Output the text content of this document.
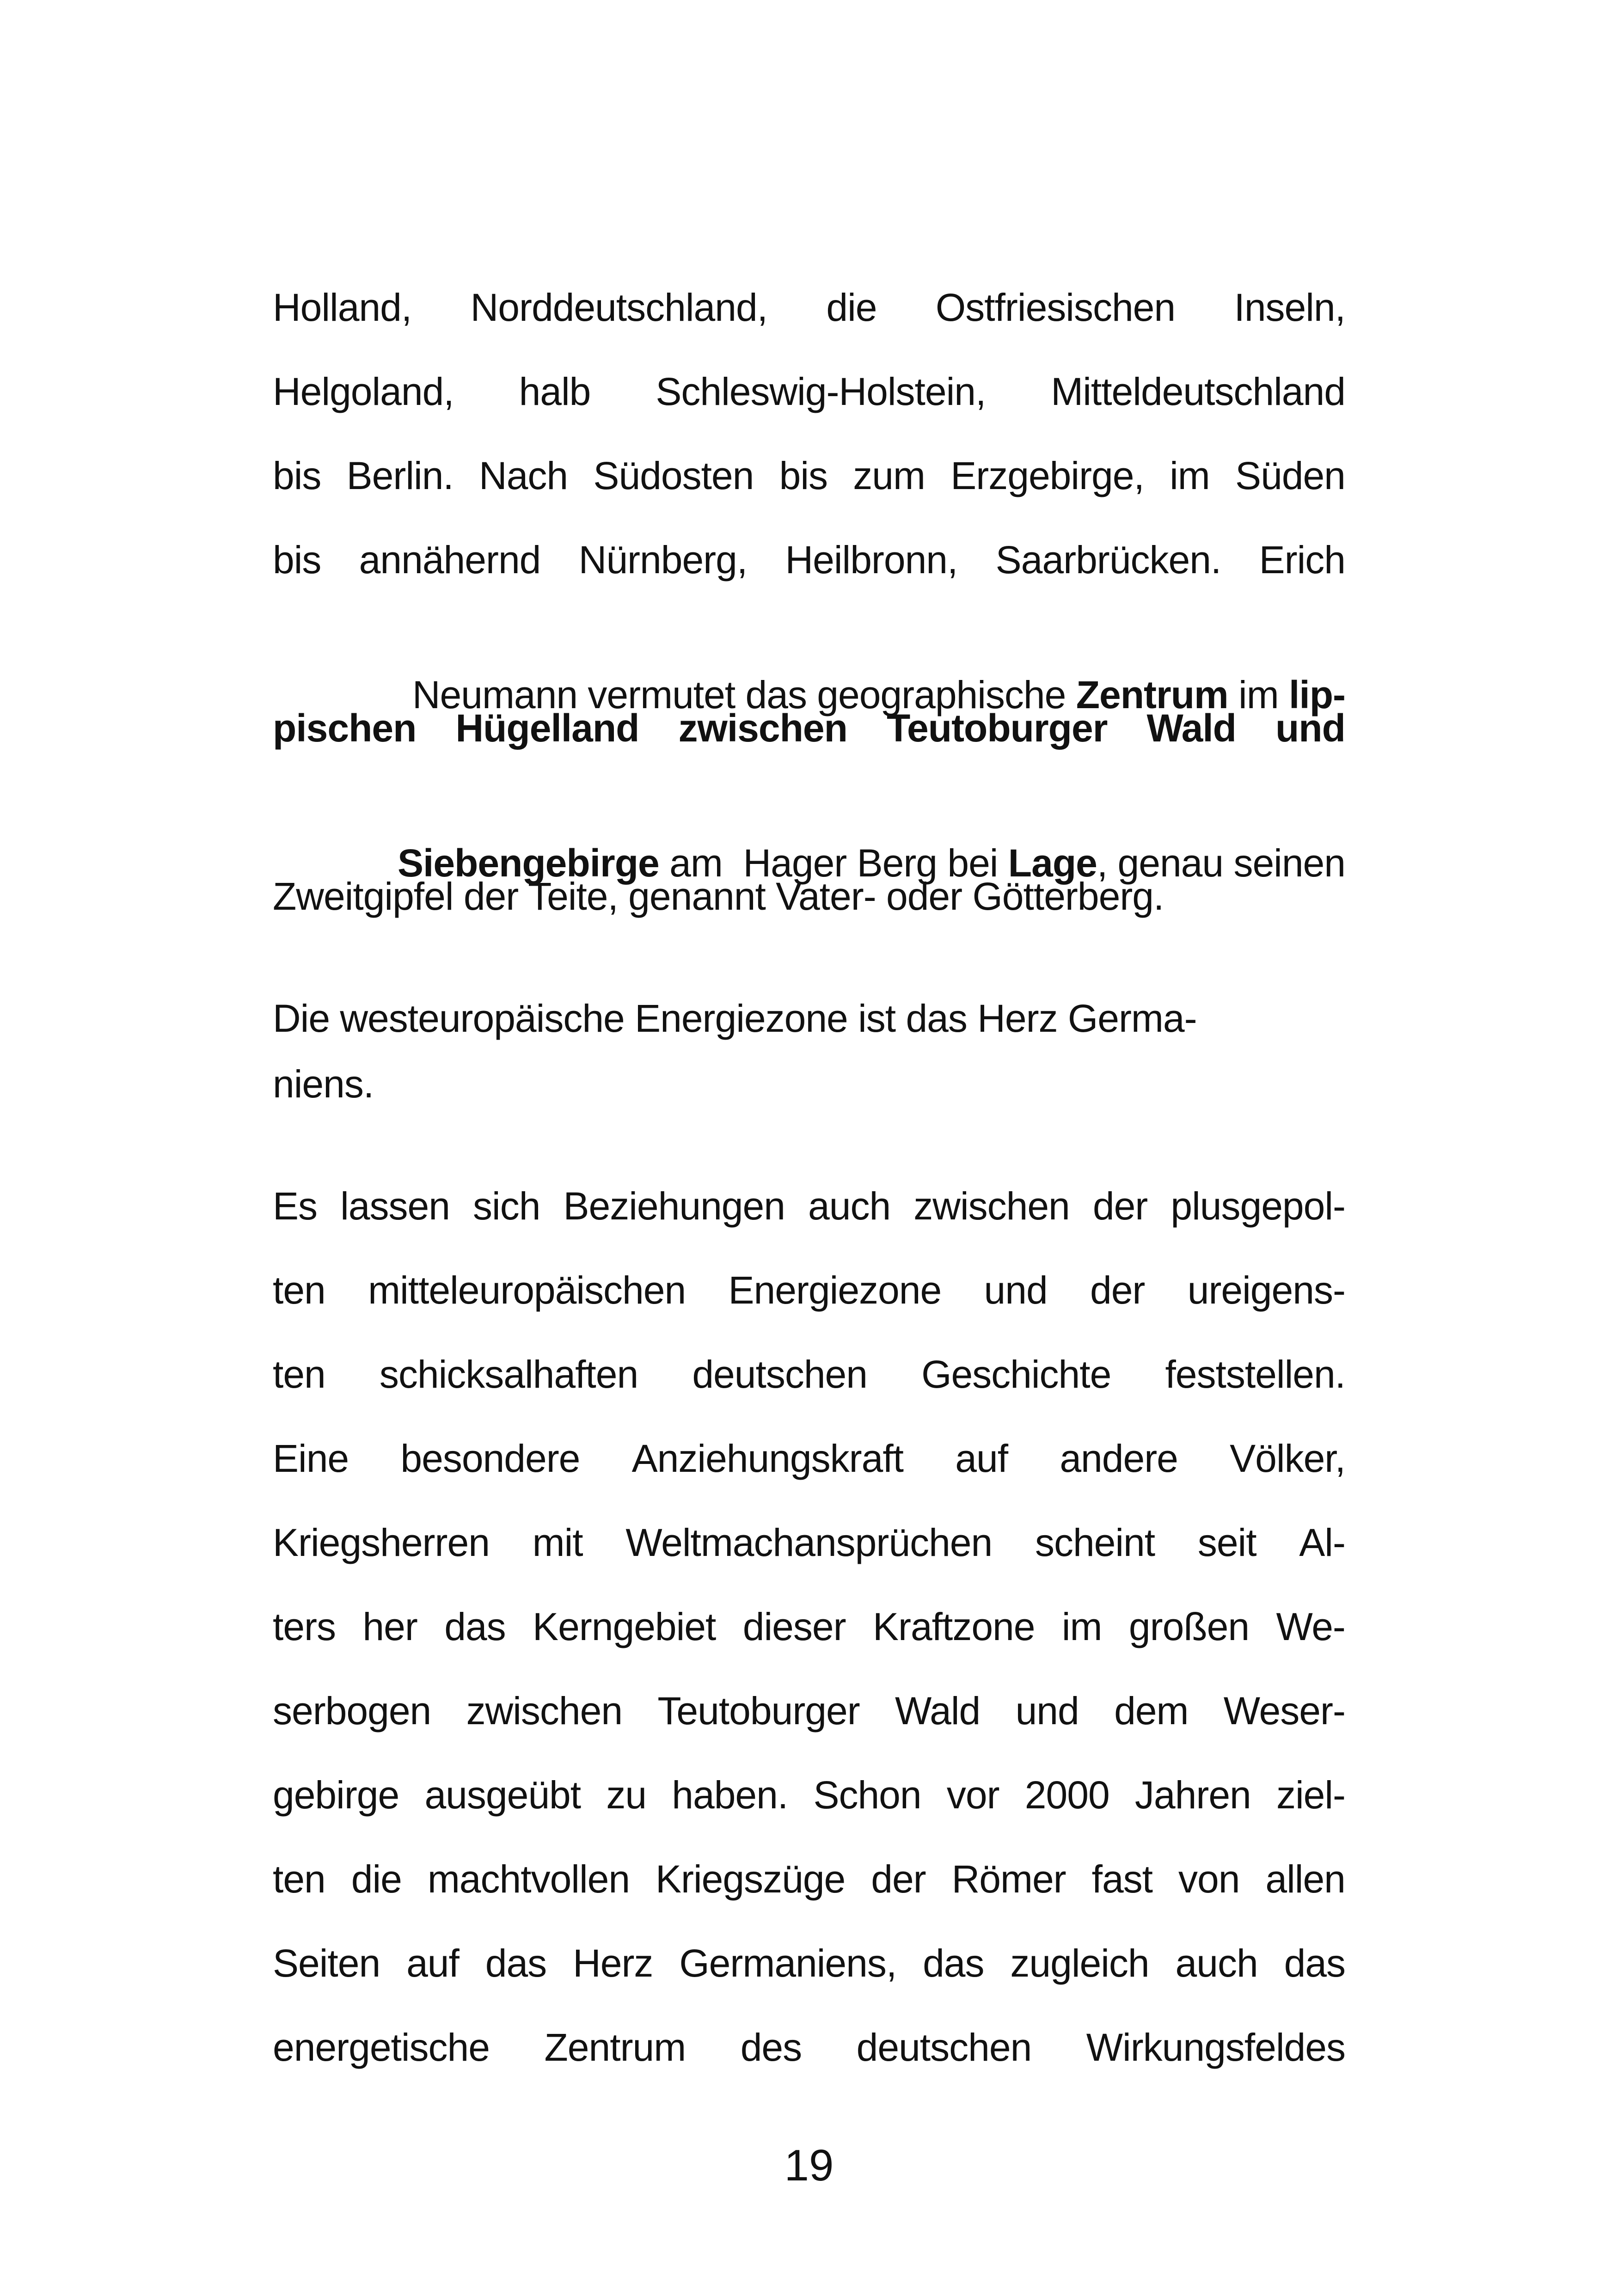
Holland, Norddeutschland, die Ostfriesischen Inseln,
Helgoland, halb Schleswig-Holstein, Mitteldeutschland
bis Berlin. Nach Südosten bis zum Erzgebirge, im Süden
bis annähernd Nürnberg, Heilbronn, Saarbrücken. Erich

Neumann vermutet das geographische Zentrum im lip-

pischen Hügelland zwischen Teutoburger Wald und

Siebengebirge am  Hager Berg bei Lage, genau seinen

Zweitgipfel der Teite, genannt Vater- oder Götterberg.
Die westeuropäische Energiezone ist das Herz Germa-
niens.
Es lassen sich Beziehungen auch zwischen der plusgepol-
ten mitteleuropäischen Energiezone und der ureigens-
ten schicksalhaften deutschen Geschichte feststellen.
Eine besondere Anziehungskraft auf andere Völker,
Kriegsherren mit Weltmachansprüchen scheint seit Al-
ters her das Kerngebiet dieser Kraftzone im großen We-
serbogen zwischen Teutoburger Wald und dem Weser-
gebirge ausgeübt zu haben. Schon vor 2000 Jahren ziel-
ten die machtvollen Kriegszüge der Römer fast von allen
Seiten auf das Herz Germaniens, das zugleich auch das
energetische Zentrum des deutschen Wirkungsfeldes
19
